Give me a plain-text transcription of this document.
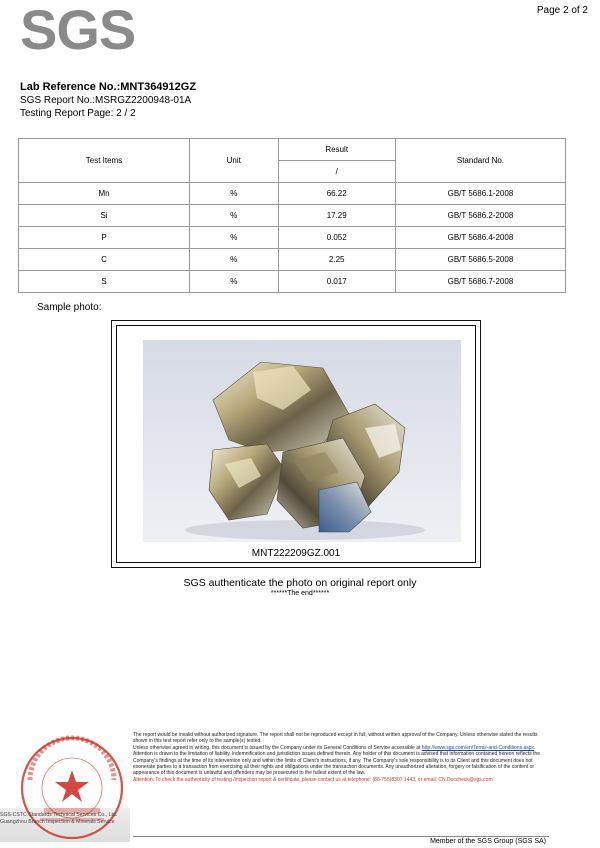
Page 2 of 2
SGS
Lab Reference No.:MNT364912GZ
SGS Report No.:MSRGZ2200948-01A
Testing Report Page: 2 / 2
Test Items	Unit	Result	Standard No.
		/	
Mn	%	66.22	GB/T 5686.1-2008
Si	%	17.29	GB/T 5686.2-2008
P	%	0.052	GB/T 5686.4-2008
C	%	2.25	GB/T 5686.5-2008
S	%	0.017	GB/T 5686.7-2008
Sample photo:
MNT222209GZ.001
SGS authenticate the photo on original report only
******The end******
SGS-CSTC Standards Technical Services Co., Ltd.
Guangzhou Branch Inspection & Minerals Service
The report would be invalid without authorized signature. The report shall not be reproduced except in full, without written approval of the Company. Unless otherwise stated the results shown in this test report refer only to the sample(s) tested.
Unless otherwise agreed in writing, this document is issued by the Company under its General Conditions of Service accessible at http://www.sgs.com/en/Terms-and-Conditions.aspx. Attention is drawn to the limitation of liability, indemnification and jurisdiction issues defined therein. Any holder of this document is advised that information contained hereon reflects the Company's findings at the time of its intervention only and within the limits of Client's instructions, if any. The Company's sole responsibility is to its Client and this document does not exonerate parties to a transaction from exercising all their rights and obligations under the transaction documents. Any unauthorized alteration, forgery or falsification of the content or appearance of this document is unlawful and offenders may be prosecuted to the fullest extent of the law.
Attention: To check the authenticity of testing /inspection report & certificate, please contact us at telephone: (86-755)8307 1443, or email: CN.Doccheck@sgs.com
Member of the SGS Group (SGS SA)
